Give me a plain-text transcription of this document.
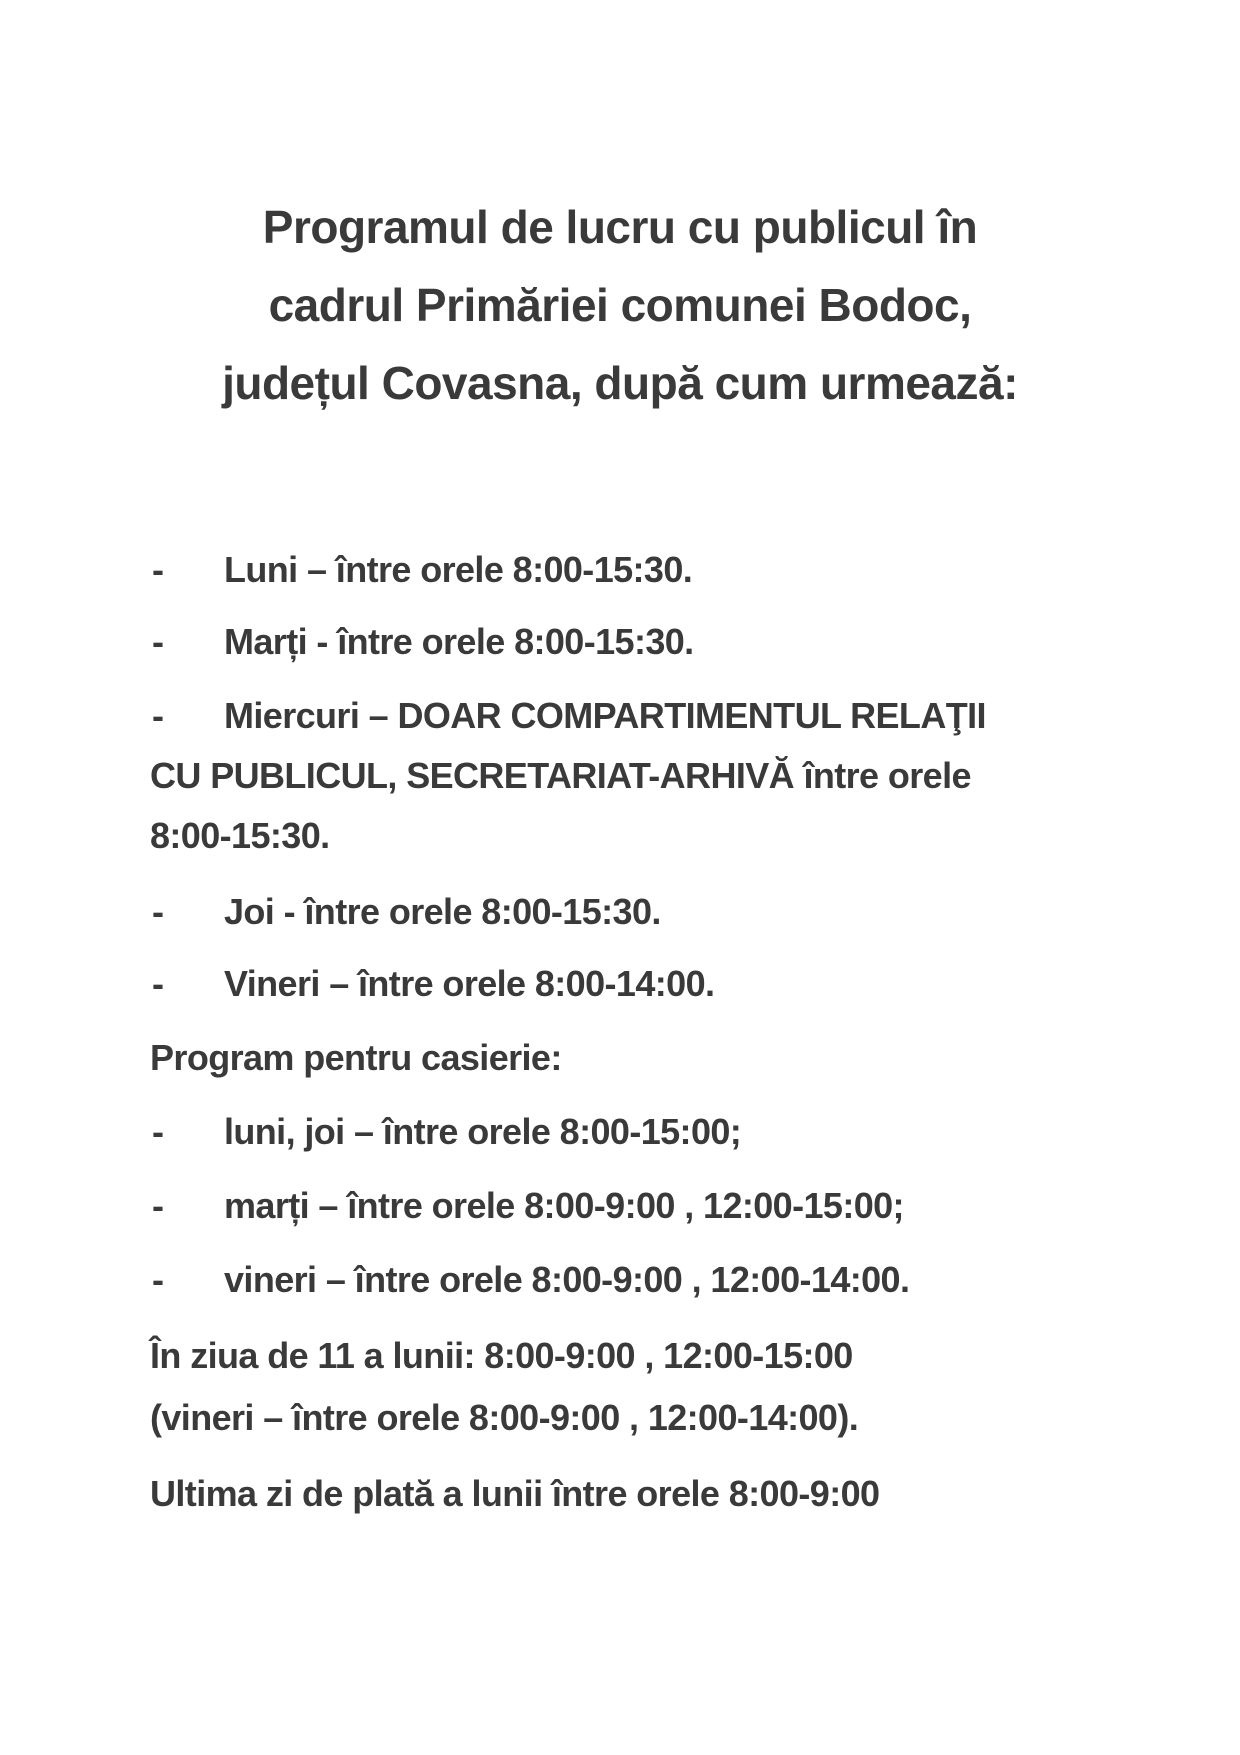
Programul de lucru cu publicul în
cadrul Primăriei comunei Bodoc,
județul Covasna, după cum urmează:
- Luni – între orele 8:00-15:30.
- Marți - între orele 8:00-15:30.
- Miercuri – DOAR COMPARTIMENTUL RELAŢII
CU PUBLICUL, SECRETARIAT-ARHIVĂ între orele
8:00-15:30.
- Joi - între orele 8:00-15:30.
- Vineri – între orele 8:00-14:00.
Program pentru casierie:
- luni, joi – între orele 8:00-15:00;
- marți – între orele 8:00-9:00 , 12:00-15:00;
- vineri – între orele 8:00-9:00 , 12:00-14:00.
În ziua de 11 a lunii: 8:00-9:00 , 12:00-15:00
(vineri – între orele 8:00-9:00 , 12:00-14:00).
Ultima zi de plată a lunii între orele 8:00-9:00
